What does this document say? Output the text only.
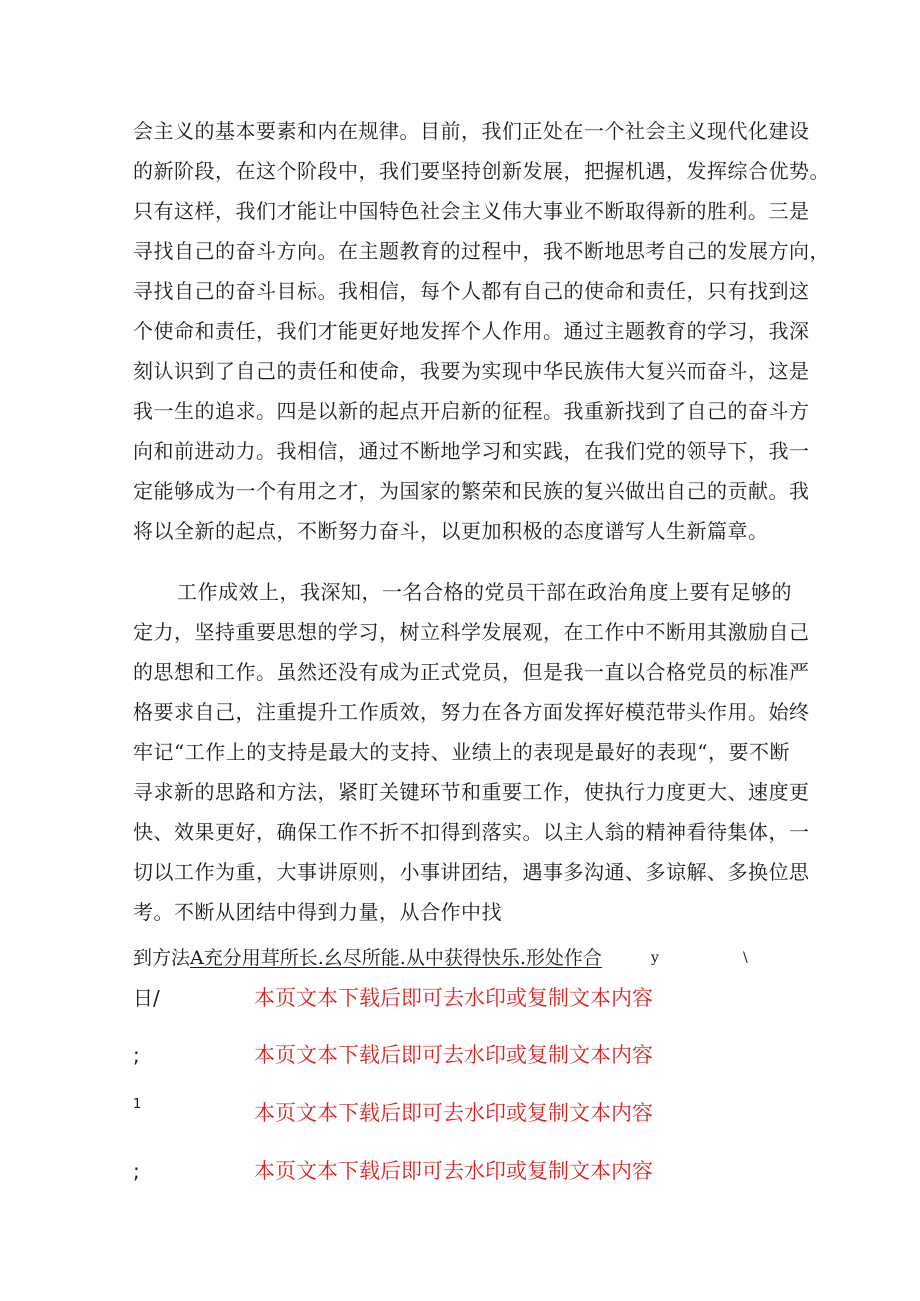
会主义的基本要素和内在规律。目前，我们正处在一个社会主义现代化建设
的新阶段，在这个阶段中，我们要坚持创新发展，把握机遇，发挥综合优势。
只有这样，我们才能让中国特色社会主义伟大事业不断取得新的胜利。三是
寻找自己的奋斗方向。在主题教育的过程中，我不断地思考自己的发展方向，
寻找自己的奋斗目标。我相信，每个人都有自己的使命和责任，只有找到这
个使命和责任，我们才能更好地发挥个人作用。通过主题教育的学习，我深
刻认识到了自己的责任和使命，我要为实现中华民族伟大复兴而奋斗，这是
我一生的追求。四是以新的起点开启新的征程。我重新找到了自己的奋斗方
向和前进动力。我相信，通过不断地学习和实践，在我们党的领导下，我一
定能够成为一个有用之才，为国家的繁荣和民族的复兴做出自己的贡献。我
将以全新的起点，不断努力奋斗，以更加积极的态度谱写人生新篇章。
工作成效上，我深知，一名合格的党员干部在政治角度上要有足够的
定力，坚持重要思想的学习，树立科学发展观，在工作中不断用其激励自己
的思想和工作。虽然还没有成为正式党员，但是我一直以合格党员的标准严
格要求自己，注重提升工作质效，努力在各方面发挥好模范带头作用。始终
牢记“工作上的支持是最大的支持、业绩上的表现是最好的表现“，要不断
寻求新的思路和方法，紧盯关键环节和重要工作，使执行力度更大、速度更
快、效果更好，确保工作不折不扣得到落实。以主人翁的精神看待集体，一
切以工作为重，大事讲原则，小事讲团结，遇事多沟通、多谅解、多换位思
考。不断从团结中得到力量，从合作中找
到方法A充分用茸所长.幺尽所能.从中获得快乐.形处作合	y	\
日/	本页文本下载后即可去水印或复制文本内容
;	本页文本下载后即可去水印或复制文本内容
1	本页文本下载后即可去水印或复制文本内容
;	本页文本下载后即可去水印或复制文本内容
